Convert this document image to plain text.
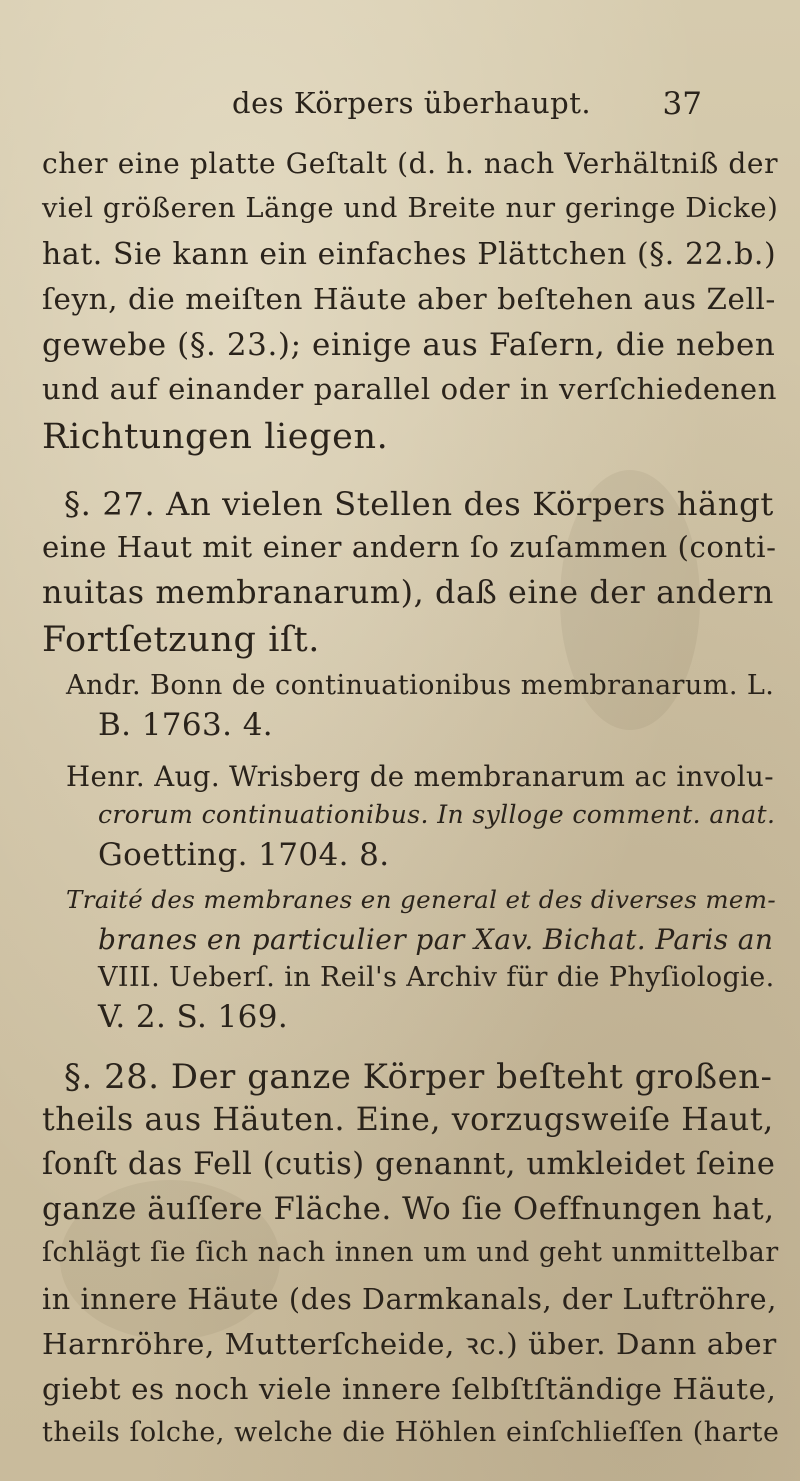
des Körpers überhaupt. 37
cher eine platte Geſtalt (d. h. nach Verhältniß der
viel größeren Länge und Breite nur geringe Dicke)
hat. Sie kann ein einfaches Plättchen (§. 22.b.)
ſeyn, die meiſten Häute aber beſtehen aus Zell-
gewebe (§. 23.); einige aus Faſern, die neben
und auf einander parallel oder in verſchiedenen
Richtungen liegen.
§. 27. An vielen Stellen des Körpers hängt
eine Haut mit einer andern ſo zuſammen (conti-
nuitas membranarum), daß eine der andern
Fortſetzung iſt.
Andr. Bonn de continuationibus membranarum. L.
B. 1763. 4.
Henr. Aug. Wrisberg de membranarum ac involu-
crorum continuationibus. In sylloge comment. anat.
Goetting. 1704. 8.
Traité des membranes en general et des diverses mem-
branes en particulier par Xav. Bichat. Paris an
VIII. Ueberſ. in Reil's Archiv für die Phyſiologie.
V. 2. S. 169.
§. 28. Der ganze Körper beſteht großen-
theils aus Häuten. Eine, vorzugsweiſe Haut,
ſonſt das Fell (cutis) genannt, umkleidet ſeine
ganze äuſſere Fläche. Wo ſie Oeffnungen hat,
ſchlägt ſie ſich nach innen um und geht unmittelbar
in innere Häute (des Darmkanals, der Luftröhre,
Harnröhre, Mutterſcheide, ꝛc.) über. Dann aber
giebt es noch viele innere ſelbſtſtändige Häute,
theils ſolche, welche die Höhlen einſchlieſſen (harte
